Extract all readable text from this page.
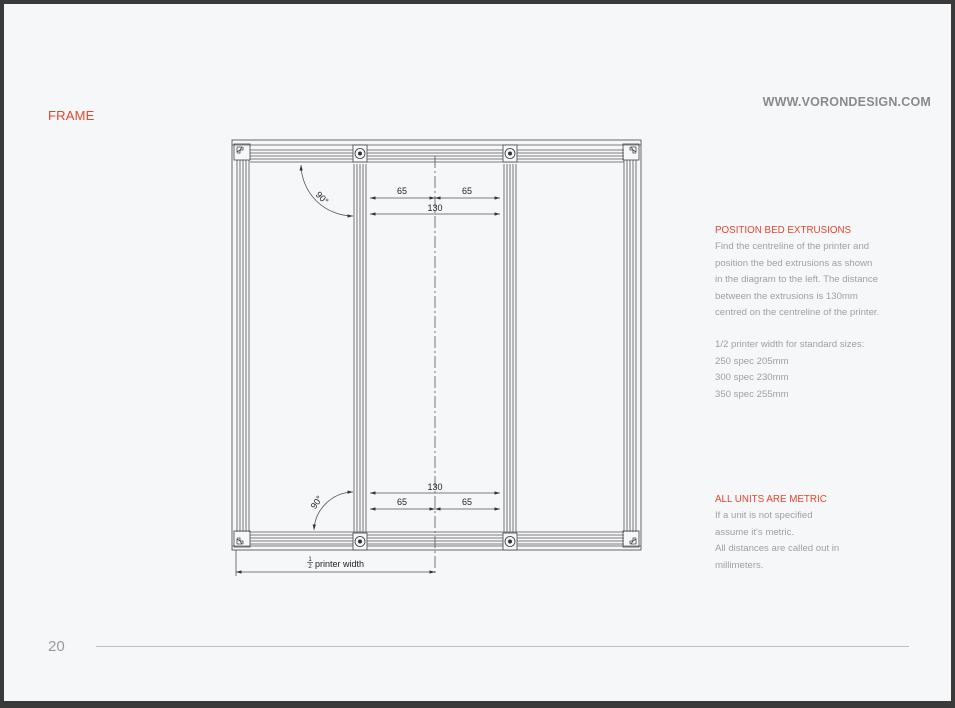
FRAME
WWW.VORONDESIGN.COM
65	65
130
130
65	65
90°
90°
1
2 printer width
POSITION BED EXTRUSIONS
Find the centreline of the printer and
position the bed extrusions as shown
in the diagram to the left. The distance
between the extrusions is 130mm
centred on the centreline of the printer.
1/2 printer width for standard sizes:
250 spec 205mm
300 spec 230mm
350 spec 255mm
ALL UNITS ARE METRIC
If a unit is not specified
assume it's metric.
All distances are called out in
millimeters.
20
